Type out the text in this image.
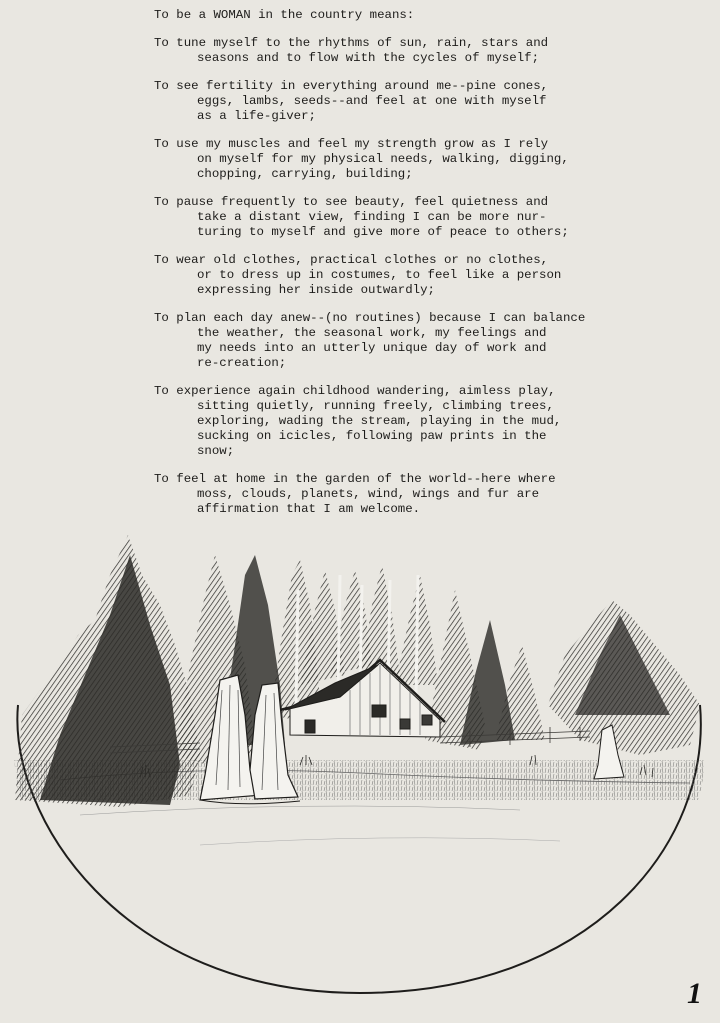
To be a WOMAN in the country means:
To tune myself to the rhythms of sun, rain, stars and
seasons and to flow with the cycles of myself;
To see fertility in everything around me--pine cones,
eggs, lambs, seeds--and feel at one with myself
as a life-giver;
To use my muscles and feel my strength grow as I rely
on myself for my physical needs, walking, digging,
chopping, carrying, building;
To pause frequently to see beauty, feel quietness and
take a distant view, finding I can be more nur-
turing to myself and give more of peace to others;
To wear old clothes, practical clothes or no clothes,
or to dress up in costumes, to feel like a person
expressing her inside outwardly;
To plan each day anew--(no routines) because I can balance
the weather, the seasonal work, my feelings and
my needs into an utterly unique day of work and
re-creation;
To experience again childhood wandering, aimless play,
sitting quietly, running freely, climbing trees,
exploring, wading the stream, playing in the mud,
sucking on icicles, following paw prints in the
snow;
To feel at home in the garden of the world--here where
moss, clouds, planets, wind, wings and fur are
affirmation that I am welcome.
1
